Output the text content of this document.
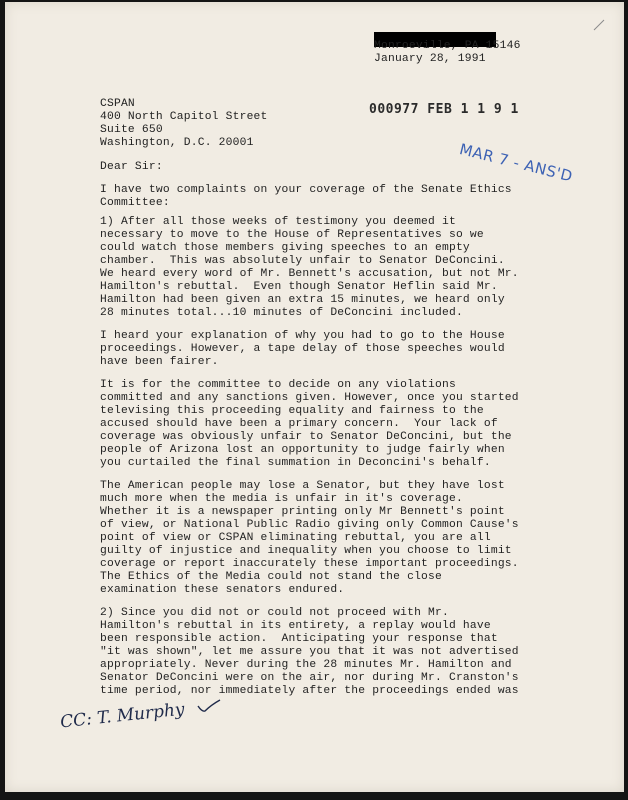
Monroeville, PA 15146
January 28, 1991
CSPAN
400 North Capitol Street
Suite 650
Washington, D.C. 20001
000977 FEB 1 1 9 1
MAR 7 - ANS'D
Dear Sir:
I have two complaints on your coverage of the Senate Ethics
Committee:
1) After all those weeks of testimony you deemed it
necessary to move to the House of Representatives so we
could watch those members giving speeches to an empty
chamber.  This was absolutely unfair to Senator DeConcini.
We heard every word of Mr. Bennett's accusation, but not Mr.
Hamilton's rebuttal.  Even though Senator Heflin said Mr.
Hamilton had been given an extra 15 minutes, we heard only
28 minutes total...10 minutes of DeConcini included.
I heard your explanation of why you had to go to the House
proceedings. However, a tape delay of those speeches would
have been fairer.
It is for the committee to decide on any violations
committed and any sanctions given. However, once you started
televising this proceeding equality and fairness to the
accused should have been a primary concern.  Your lack of
coverage was obviously unfair to Senator DeConcini, but the
people of Arizona lost an opportunity to judge fairly when
you curtailed the final summation in Deconcini's behalf.
The American people may lose a Senator, but they have lost
much more when the media is unfair in it's coverage.
Whether it is a newspaper printing only Mr Bennett's point
of view, or National Public Radio giving only Common Cause's
point of view or CSPAN eliminating rebuttal, you are all
guilty of injustice and inequality when you choose to limit
coverage or report inaccurately these important proceedings.
The Ethics of the Media could not stand the close
examination these senators endured.
2) Since you did not or could not proceed with Mr.
Hamilton's rebuttal in its entirety, a replay would have
been responsible action.  Anticipating your response that
"it was shown", let me assure you that it was not advertised
appropriately. Never during the 28 minutes Mr. Hamilton and
Senator DeConcini were on the air, nor during Mr. Cranston's
time period, nor immediately after the proceedings ended was
CC: T. Murphy
